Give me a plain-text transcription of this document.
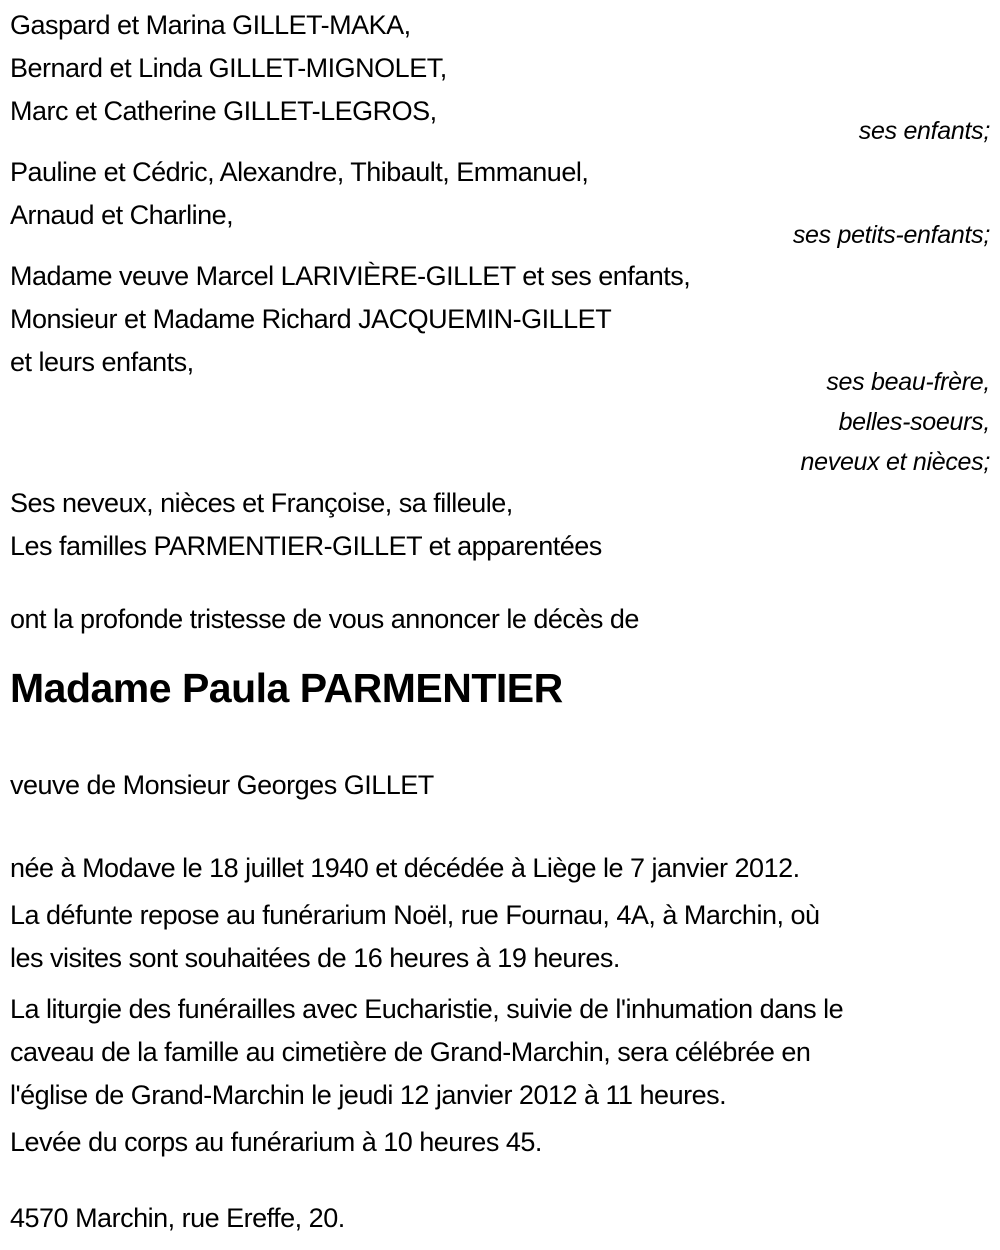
Gaspard et Marina GILLET-MAKA,
Bernard et Linda GILLET-MIGNOLET,
Marc et Catherine GILLET-LEGROS,
ses enfants;
Pauline et Cédric, Alexandre, Thibault, Emmanuel,
Arnaud et Charline,
ses petits-enfants;
Madame veuve Marcel LARIVIÈRE-GILLET et ses enfants,
Monsieur et Madame Richard JACQUEMIN-GILLET
et leurs enfants,
ses beau-frère,
belles-soeurs,
neveux et nièces;
Ses neveux, nièces et Françoise, sa filleule,
Les familles PARMENTIER-GILLET et apparentées
ont la profonde tristesse de vous annoncer le décès de
Madame Paula PARMENTIER
veuve de Monsieur Georges GILLET
née à Modave le 18 juillet 1940 et décédée à Liège le 7 janvier 2012.
La défunte repose au funérarium Noël, rue Fournau, 4A, à Marchin, où
les visites sont souhaitées de 16 heures à 19 heures.
La liturgie des funérailles avec Eucharistie, suivie de l'inhumation dans le
caveau de la famille au cimetière de Grand-Marchin, sera célébrée en
l'église de Grand-Marchin le jeudi 12 janvier 2012 à 11 heures.
Levée du corps au funérarium à 10 heures 45.
4570 Marchin, rue Ereffe, 20.
